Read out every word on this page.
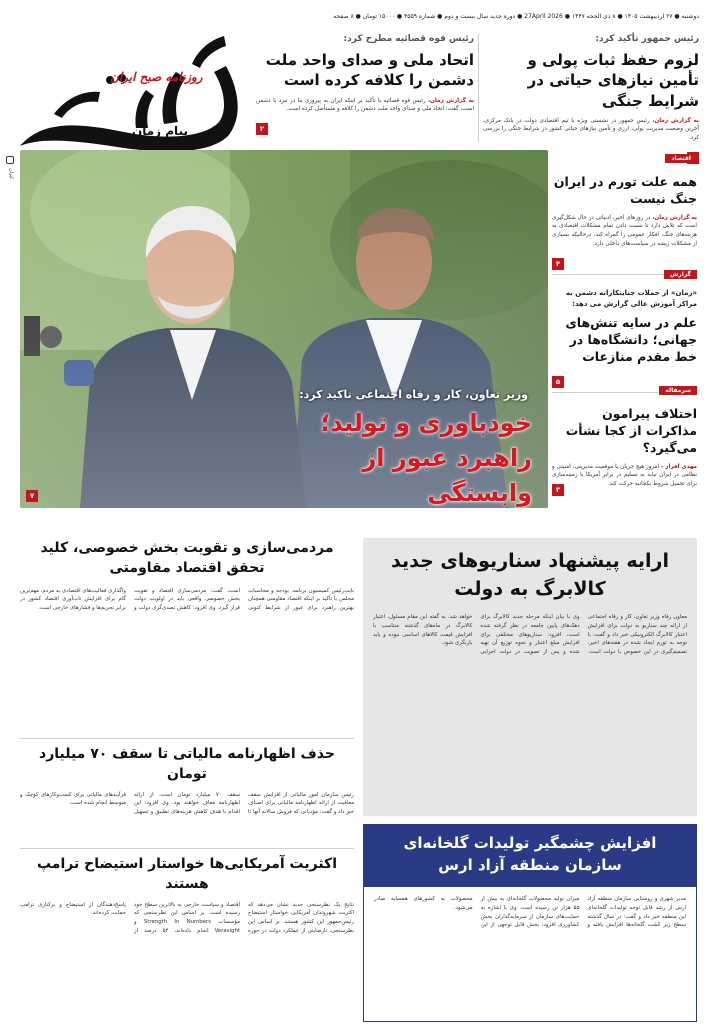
دوشنبه ● ۲۷ اردیبهشت ۱۴۰۵ ● ۸ ذی الحجه ۱۴۴۷ ● 27April 2026 ● دوره جدید سال بیست و دوم ● شماره ۴۵۵۹ ● ۱۵۰۰۰ تومان ● ۸ صفحه
پیام زمان
روزنامه صبح ایران
رئیس جمهور تأکید کرد:
لزوم حفظ ثبات پولی و تأمین نیازهای حیاتی در شرایط جنگی
به گزارش زمان، رئیس جمهور در نشستی ویژه با تیم اقتصادی دولت در بانک مرکزی، آخرین وضعیت مدیریت پولی، ارزی و تأمین نیازهای حیاتی کشور در شرایط جنگی را بررسی کرد.
رئیس قوه قضائیه مطرح کرد:
اتحاد ملی و صدای واحد ملت دشمن را کلافه کرده است
به گزارش زمان، رئیس قوه قضائیه با تأکید بر اینکه ایران به پیروزی ما در نبرد با دشمن است، گفت: اتحاد ملی و صدای واحد ملت دشمن را کلافه و مستأصل کرده است.
۲
ایران
وزیر تعاون، کار و رفاه اجتماعی تاکید کرد:
خودباوری و تولید؛ راهبرد عبور از وابستگی
۷
اقتصاد
همه علت تورم در ایران جنگ نیست
به گزارش زمان، در روزهای اخیر، ادبیاتی در حال شکل‌گیری است که تلاش دارد تا نسبت دادن تمام مشکلات اقتصادی به هزینه‌های جنگ، افکار عمومی را گمراه کند، درحالیکه بسیاری از مشکلات ریشه در سیاست‌های داخلی دارد.
۴
گزارش
«زمان» از حملات جنایتکارانه دشمن به مراکز آموزش عالی گزارش می دهد:
علم در سایه تنش‌های جهانی؛ دانشگاه‌ها در خط مقدم منازعات
۵
سرمقاله
اختلاف پیرامون مذاکرات از کجا نشأت می‌گیرد؟
مهدی افراز - امروز هیچ جریان یا موقعیت مدیریتی، امنیتی و نظامی در ایران نباید به تسلیم در برابر آمریکا یا زمینه‌سازی برای تحمیل شروط یکجانبه حرکت کند.
۳
ارایه پیشنهاد سناریوهای جدید کالابرگ به دولت
معاون رفاه وزیر تعاون، کار و رفاه اجتماعی از ارائه چند سناریو به دولت برای افزایش اعتبار کالابرگ الکترونیکی خبر داد و گفت: با توجه به تورم ایجاد شده در هفته‌های اخیر، تصمیم‌گیری در این خصوص با دولت است. وی با بیان اینکه مرحله جدید کالابرگ برای دهک‌های پایین جامعه در نظر گرفته شده است، افزود: سناریوهای مختلفی برای افزایش مبلغ اعتبار و نحوه توزیع آن تهیه شده و پس از تصویب در دولت اجرایی خواهد شد. به گفته این مقام مسئول، اعتبار کالابرگ در ماه‌های گذشته متناسب با افزایش قیمت کالاهای اساسی نبوده و باید بازنگری شود.
افزایش چشمگیر تولیدات گلخانه‌ای سازمان منطقه آزاد ارس
مدیر شهری و روستایی سازمان منطقه آزاد ارس از رشد قابل توجه تولیدات گلخانه‌ای این منطقه خبر داد و گفت: در سال گذشته سطح زیر کشت گلخانه‌ها افزایش یافته و میزان تولید محصولات گلخانه‌ای به بیش از ۵۵ هزار تن رسیده است. وی با اشاره به حمایت‌های سازمان از سرمایه‌گذاران بخش کشاورزی افزود: بخش قابل توجهی از این محصولات به کشورهای همسایه صادر می‌شود.
مردمی‌سازی و تقویت بخش خصوصی، کلید تحقق اقتصاد مقاومتی
نایب‌رئیس کمیسیون برنامه، بودجه و محاسبات مجلس با تأکید بر اینکه اقتصاد مقاومتی همچنان بهترین راهبرد برای عبور از شرایط کنونی است، گفت: مردمی‌سازی اقتصاد و تقویت بخش خصوصی واقعی باید در اولویت دولت قرار گیرد. وی افزود: کاهش تصدی‌گری دولت و واگذاری فعالیت‌های اقتصادی به مردم، مهم‌ترین گام برای افزایش تاب‌آوری اقتصاد کشور در برابر تحریم‌ها و فشارهای خارجی است.
حذف اظهارنامه مالیاتی تا سقف ۷۰ میلیارد تومان
رئیس سازمان امور مالیاتی از افزایش سقف معافیت از ارائه اظهارنامه مالیاتی برای اصناف خبر داد و گفت: مؤدیانی که فروش سالانه آنها تا سقف ۷۰ میلیارد تومان است، از ارائه اظهارنامه معاف خواهند بود. وی افزود: این اقدام با هدف کاهش هزینه‌های تطبیق و تسهیل فرآیندهای مالیاتی برای کسب‌وکارهای کوچک و متوسط انجام شده است.
اکثریت آمریکایی‌ها خواستار استیضاح ترامپ هستند
نتایج یک نظرسنجی جدید نشان می‌دهد که اکثریت شهروندان آمریکایی خواستار استیضاح رئیس‌جمهور این کشور هستند. بر اساس این نظرسنجی، نارضایتی از عملکرد دولت در حوزه اقتصاد و سیاست خارجی به بالاترین سطح خود رسیده است. بر اساس این نظرسنجی که مؤسسات Strength In Numbers و Verasight انجام داده‌اند، ۵۴ درصد از پاسخ‌دهندگان از استیضاح و برکناری ترامپ حمایت کرده‌اند.
